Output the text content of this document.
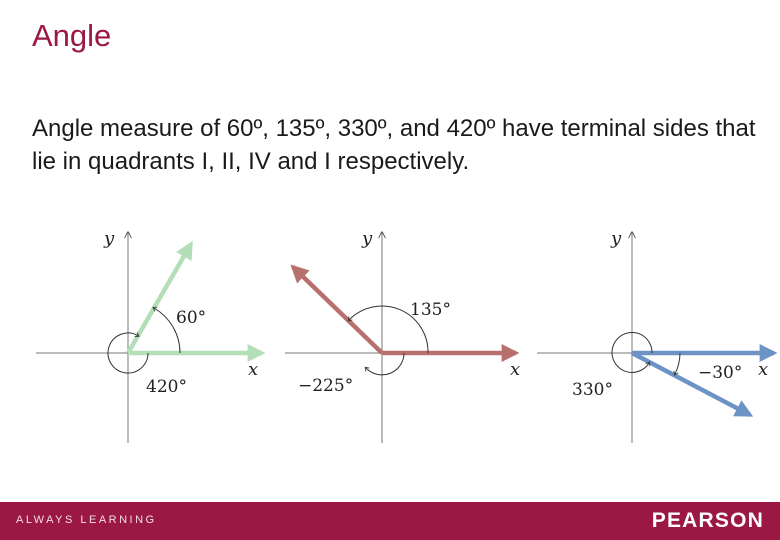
Angle

Angle measure of 60º, 135º, 330º, and 420º have terminal sides that lie in quadrants I, II, IV and I respectively.

y
x
60°
420°
y
x
135°
−225°
y
x
−30°
330°
ALWAYS LEARNING	PEARSON
